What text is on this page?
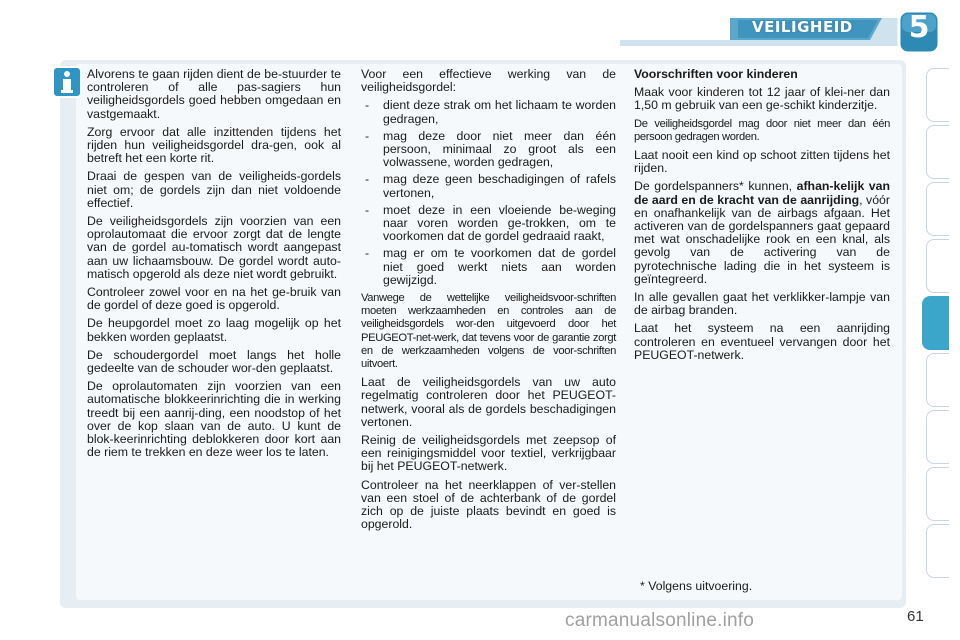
VEILIGHEID	5

Alvorens te gaan rijden dient de be-stuurder te controleren of alle pas-sagiers hun veiligheidsgordels goed hebben omgedaan en vastgemaakt.

Zorg ervoor dat alle inzittenden tijdens het rijden hun veiligheidsgordel dra-gen, ook al betreft het een korte rit.

Draai de gespen van de veiligheids-gordels niet om; de gordels zijn dan niet voldoende effectief.

De veiligheidsgordels zijn voorzien van een oprolautomaat die ervoor zorgt dat de lengte van de gordel au-tomatisch wordt aangepast aan uw lichaamsbouw. De gordel wordt auto-matisch opgerold als deze niet wordt gebruikt.

Controleer zowel voor en na het ge-bruik van de gordel of deze goed is opgerold.

De heupgordel moet zo laag mogelijk op het bekken worden geplaatst.

De schoudergordel moet langs het holle gedeelte van de schouder wor-den geplaatst.

De oprolautomaten zijn voorzien van een automatische blokkeerinrichting die in werking treedt bij een aanrij-ding, een noodstop of het over de kop slaan van de auto. U kunt de blok-keerinrichting deblokkeren door kort aan de riem te trekken en deze weer los te laten.

Voor een effectieve werking van de veiligheidsgordel:

- dient deze strak om het lichaam te worden gedragen,
- mag deze door niet meer dan één persoon, minimaal zo groot als een volwassene, worden gedragen,
- mag deze geen beschadigingen of rafels vertonen,
- moet deze in een vloeiende be-weging naar voren worden ge-trokken, om te voorkomen dat de gordel gedraaid raakt,
- mag er om te voorkomen dat de gordel niet goed werkt niets aan worden gewijzigd.

Vanwege de wettelijke veiligheidsvoor-schriften moeten werkzaamheden en controles aan de veiligheidsgordels wor-den uitgevoerd door het PEUGEOT-net-werk, dat tevens voor de garantie zorgt en de werkzaamheden volgens de voor-schriften uitvoert.

Laat de veiligheidsgordels van uw auto regelmatig controleren door het PEUGEOT-netwerk, vooral als de gordels beschadigingen vertonen.

Reinig de veiligheidsgordels met zeepsop of een reinigingsmiddel voor textiel, verkrijgbaar bij het PEUGEOT-netwerk.

Controleer na het neerklappen of ver-stellen van een stoel of de achterbank of de gordel zich op de juiste plaats bevindt en goed is opgerold.

Voorschriften voor kinderen

Maak voor kinderen tot 12 jaar of klei-ner dan 1,50 m gebruik van een ge-schikt kinderzitje.

De veiligheidsgordel mag door niet meer dan één persoon gedragen worden.

Laat nooit een kind op schoot zitten tijdens het rijden.

De gordelspanners* kunnen, afhan-kelijk van de aard en de kracht van de aanrijding, vóór en onafhankelijk van de airbags afgaan. Het activeren van de gordelspanners gaat gepaard met wat onschadelijke rook en een knal, als gevolg van de activering van de pyrotechnische lading die in het systeem is geïntegreerd.

In alle gevallen gaat het verklikker-lampje van de airbag branden.

Laat het systeem na een aanrijding controleren en eventueel vervangen door het PEUGEOT-netwerk.

* Volgens uitvoering.
carmanualsonline.info	61
